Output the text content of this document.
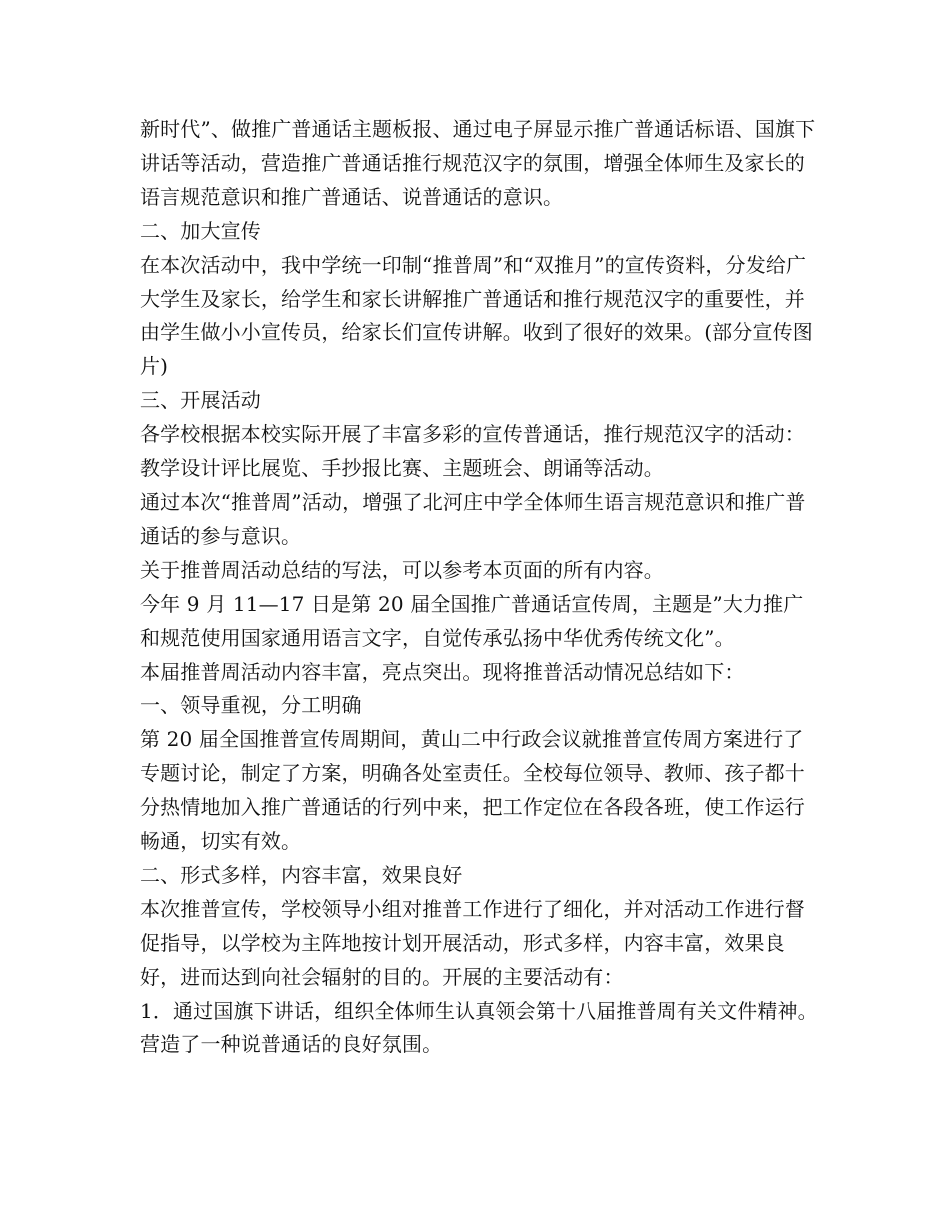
新时代”、做推广普通话主题板报、通过电子屏显示推广普通话标语、国旗下讲话等活动，营造推广普通话推行规范汉字的氛围，增强全体师生及家长的语言规范意识和推广普通话、说普通话的意识。

二、加大宣传

在本次活动中，我中学统一印制“推普周”和“双推月”的宣传资料，分发给广大学生及家长，给学生和家长讲解推广普通话和推行规范汉字的重要性，并由学生做小小宣传员，给家长们宣传讲解。收到了很好的效果。(部分宣传图片)

三、开展活动

各学校根据本校实际开展了丰富多彩的宣传普通话，推行规范汉字的活动：教学设计评比展览、手抄报比赛、主题班会、朗诵等活动。

通过本次“推普周”活动，增强了北河庄中学全体师生语言规范意识和推广普通话的参与意识。

关于推普周活动总结的写法，可以参考本页面的所有内容。

今年 9 月 11—17 日是第 20 届全国推广普通话宣传周，主题是”大力推广和规范使用国家通用语言文字，自觉传承弘扬中华优秀传统文化”。

本届推普周活动内容丰富，亮点突出。现将推普活动情况总结如下：

一、领导重视，分工明确

第 20 届全国推普宣传周期间，黄山二中行政会议就推普宣传周方案进行了专题讨论，制定了方案，明确各处室责任。全校每位领导、教师、孩子都十分热情地加入推广普通话的行列中来，把工作定位在各段各班，使工作运行畅通，切实有效。

二、形式多样，内容丰富，效果良好

本次推普宣传，学校领导小组对推普工作进行了细化，并对活动工作进行督促指导，以学校为主阵地按计划开展活动，形式多样，内容丰富，效果良好，进而达到向社会辐射的目的。开展的主要活动有：

1．通过国旗下讲话，组织全体师生认真领会第十八届推普周有关文件精神。营造了一种说普通话的良好氛围。
